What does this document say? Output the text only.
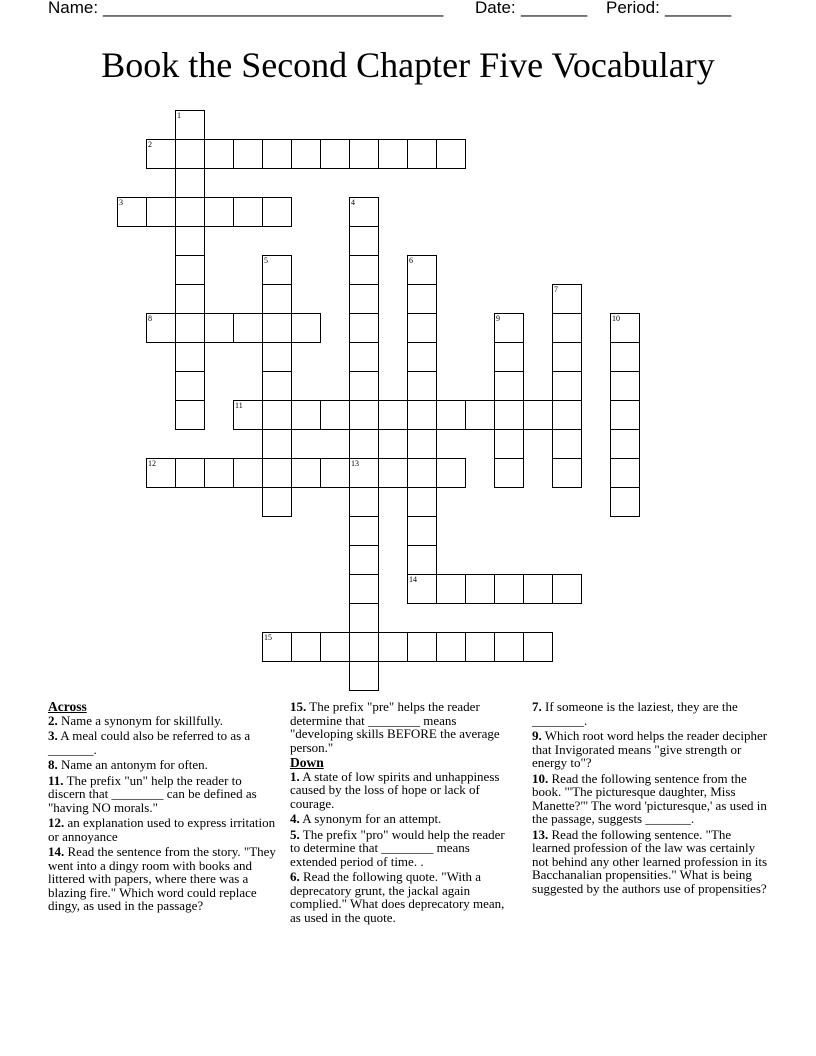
Name: ____________________________________ Date: _______ Period: _______
Book the Second Chapter Five Vocabulary
1
2
3	4
5	6
7
8	9	10
11
12	13
14
15
Across
2. Name a synonym for skillfully.
3. A meal could also be referred to as a _______.
8. Name an antonym for often.
11. The prefix "un" help the reader to discern that ________ can be defined as "having NO morals."
12. an explanation used to express irritation or annoyance
14. Read the sentence from the story. "They went into a dingy room with books and littered with papers, where there was a blazing fire." Which word could replace dingy, as used in the passage?
15. The prefix "pre" helps the reader determine that ________ means "developing skills BEFORE the average person."
Down
1. A state of low spirits and unhappiness caused by the loss of hope or lack of courage.
4. A synonym for an attempt.
5. The prefix "pro" would help the reader to determine that ________ means extended period of time. .
6. Read the following quote. "With a deprecatory grunt, the jackal again complied." What does deprecatory mean, as used in the quote.
7. If someone is the laziest, they are the ________.
9. Which root word helps the reader decipher that Invigorated means "give strength or energy to"?
10. Read the following sentence from the book. "'The picturesque daughter, Miss Manette?"' The word 'picturesque,' as used in the passage, suggests _______.
13. Read the following sentence. "The learned profession of the law was certainly not behind any other learned profession in its Bacchanalian propensities." What is being suggested by the authors use of propensities?
